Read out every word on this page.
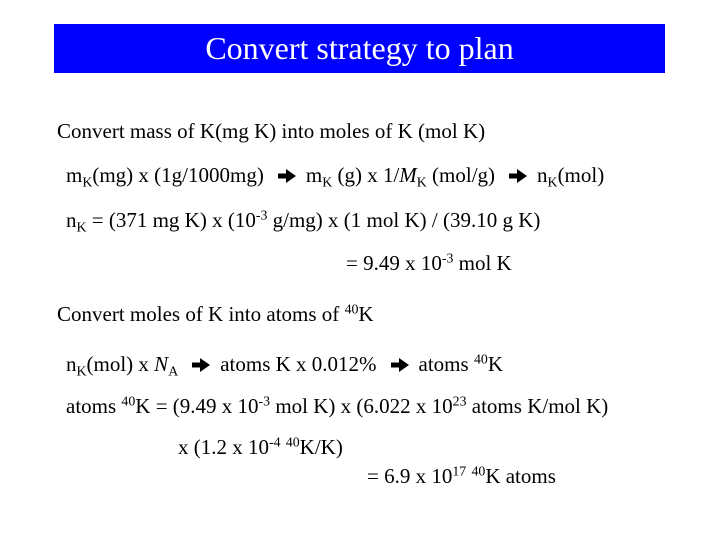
Convert strategy to plan
Convert mass of K(mg K) into moles of K (mol K)
$m_K(mg)$ x (1g/1000mg) $m_K$ (g) x $1/M_K$ (mol/g) $n_K(mol)$
$n_K = (371$ mg K) x ($10^{-3}$ g/mg) x (1 mol K) / (39.10 g K)
= 9.49 x $10^{-3}$ mol K
Convert moles of K into atoms of $^{40}$K
$n_K(mol)$ x $N_A$ atoms K x 0.012% atoms $^{40}$K
atoms $^{40}$K = (9.49 x $10^{-3}$ mol K) x (6.022 x $10^{23}$ atoms K/mol K)
x (1.2 x $10^{-4}$ $^{40}$K/K)
= 6.9 x $10^{17}$ $^{40}$K atoms
